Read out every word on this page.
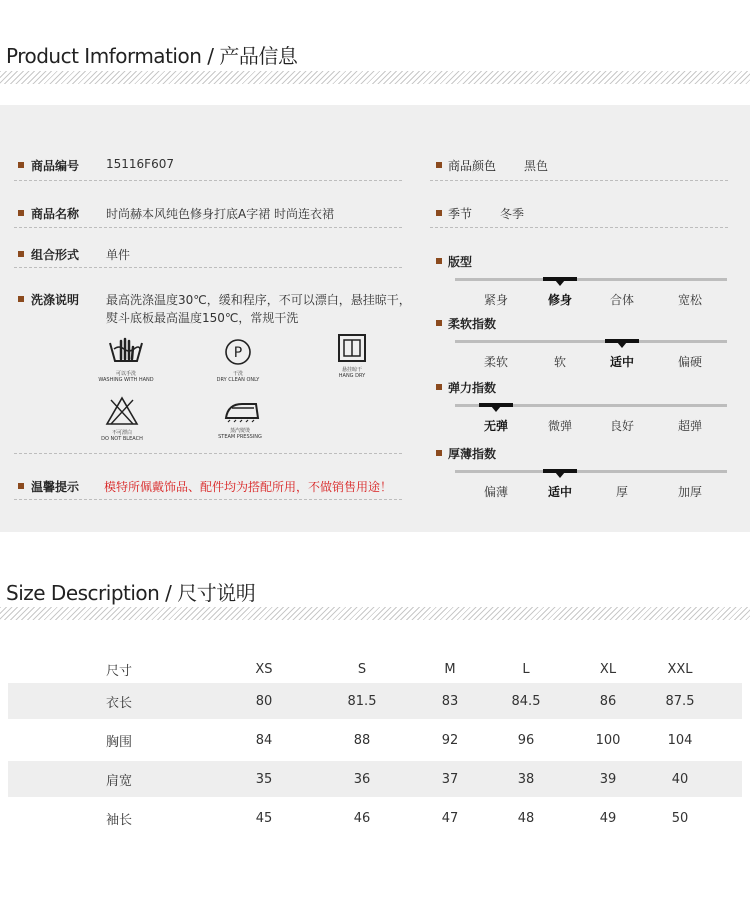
Product Imformation / 产品信息
商品编号 15116F607
商品名称 时尚赫本风纯色修身打底A字裙 时尚连衣裙
组合形式 单件
洗涤说明 最高洗涤温度30℃，缓和程序，不可以漂白，悬挂晾干，
熨斗底板最高温度150℃，常规干洗
可以手洗
WASHING WITH HAND
P
干洗
DRY CLEAN ONLY
悬挂晾干
HANG DRY
不可漂白
DO NOT BLEACH
蒸汽熨烫
STEAM PRESSING
温馨提示 模特所佩戴饰品、配件均为搭配所用，不做销售用途！
商品颜色 黑色
季节 冬季
版型
紧身	修身	合体	宽松
柔软指数
柔软	软	适中	偏硬
弹力指数
无弹	微弹	良好	超弹
厚薄指数
偏薄	适中	厚	加厚
Size Description / 尺寸说明
尺寸	XS	S	M	L	XL	XXL
衣长	80	81.5	83	84.5	86	87.5
胸围	84	88	92	96	100	104
肩宽	35	36	37	38	39	40
袖长	45	46	47	48	49	50
